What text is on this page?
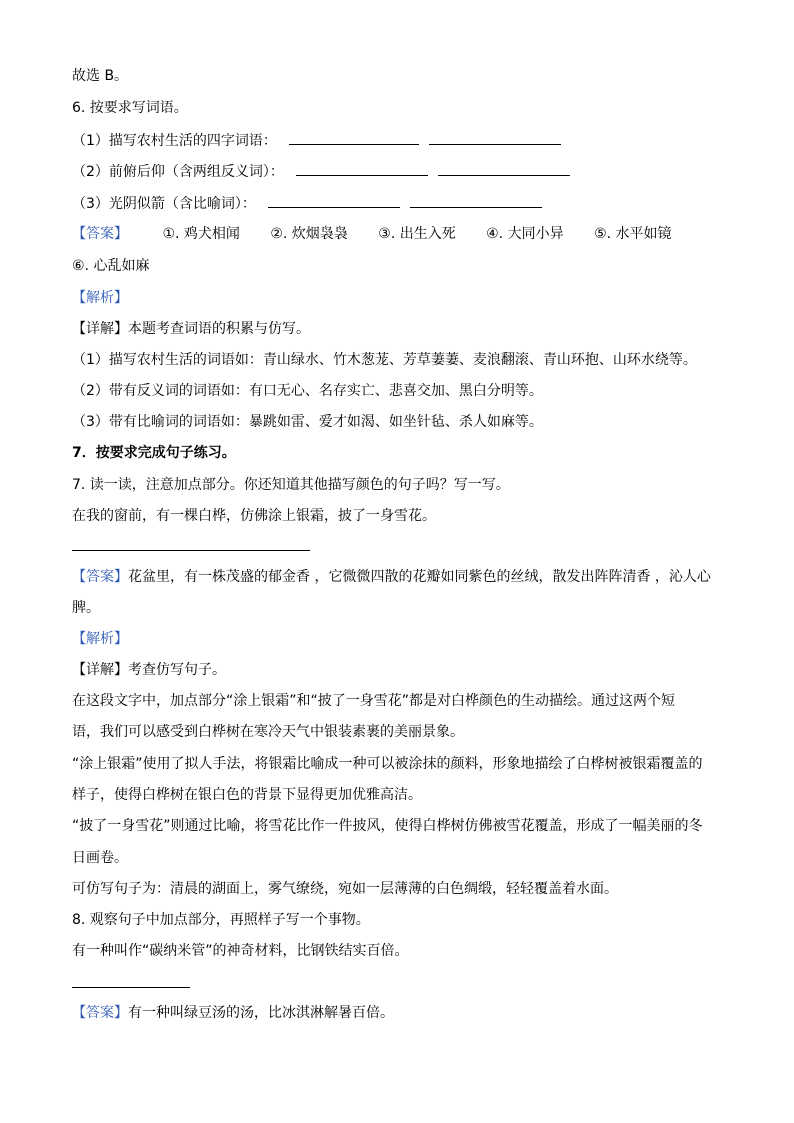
故选 B。
6. 按要求写词语。
（1）描写农村生活的四字词语：
（2）前俯后仰（含两组反义词）：
（3）光阴似箭（含比喻词）：
【答案】 ①. 鸡犬相闻 ②. 炊烟袅袅 ③. 出生入死 ④. 大同小异 ⑤. 水平如镜
⑥. 心乱如麻
【解析】
【详解】本题考查词语的积累与仿写。
（1）描写农村生活的词语如：青山绿水、竹木葱茏、芳草萋萋、麦浪翻滚、青山环抱、山环水绕等。
（2）带有反义词的词语如：有口无心、名存实亡、悲喜交加、黑白分明等。
（3）带有比喻词的词语如：暴跳如雷、爱才如渴、如坐针毡、杀人如麻等。
7．按要求完成句子练习。
7. 读一读，注意加点部分。你还知道其他描写颜色的句子吗？写一写。
在我的窗前，有一棵白桦，仿佛涂上银霜，披了一身雪花。
【答案】花盆里，有一株茂盛的郁金香 ，它微微四散的花瓣如同紫色的丝绒，散发出阵阵清香 ，沁人心
脾。
【解析】
【详解】考查仿写句子。
在这段文字中，加点部分“涂上银霜”和“披了一身雪花”都是对白桦颜色的生动描绘。通过这两个短
语，我们可以感受到白桦树在寒冷天气中银装素裹的美丽景象。
“涂上银霜”使用了拟人手法，将银霜比喻成一种可以被涂抹的颜料，形象地描绘了白桦树被银霜覆盖的
样子，使得白桦树在银白色的背景下显得更加优雅高洁。
“披了一身雪花”则通过比喻，将雪花比作一件披风，使得白桦树仿佛被雪花覆盖，形成了一幅美丽的冬
日画卷。
可仿写句子为：清晨的湖面上，雾气缭绕，宛如一层薄薄的白色绸缎，轻轻覆盖着水面。
8. 观察句子中加点部分，再照样子写一个事物。
有一种叫作“碳纳米管”的神奇材料，比钢铁结实百倍。
【答案】有一种叫绿豆汤的汤，比冰淇淋解暑百倍。
